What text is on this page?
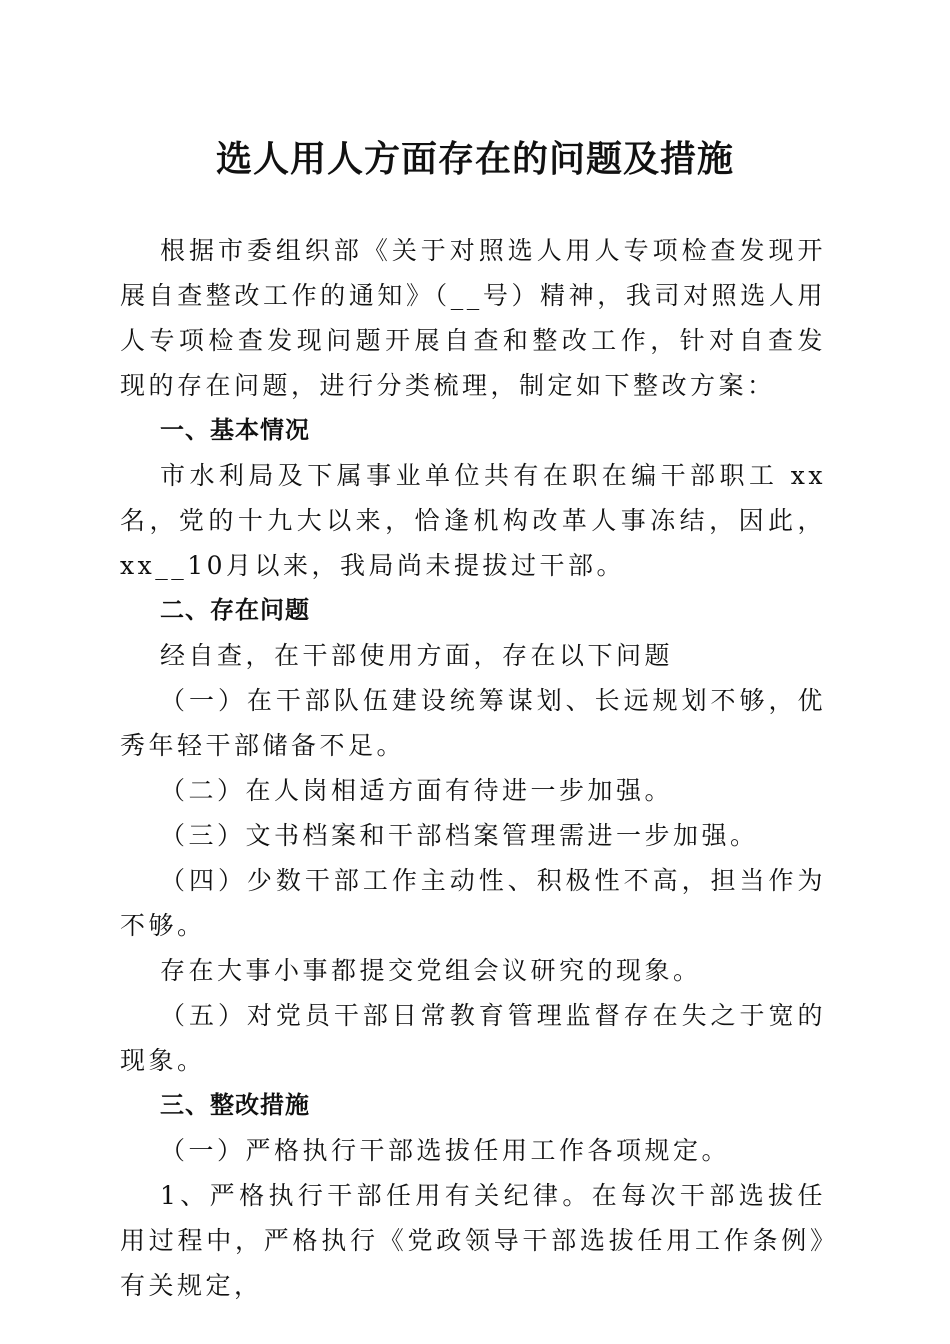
选人用人方面存在的问题及措施

根据市委组织部《关于对照选人用人专项检查发现开展自查整改工作的通知》（__号）精神，我司对照选人用人专项检查发现问题开展自查和整改工作，针对自查发现的存在问题，进行分类梳理，制定如下整改方案：

一、基本情况

市水利局及下属事业单位共有在职在编干部职工 xx 名，党的十九大以来，恰逢机构改革人事冻结，因此，xx__10月以来，我局尚未提拔过干部。

二、存在问题

经自查，在干部使用方面，存在以下问题

（一）在干部队伍建设统筹谋划、长远规划不够，优秀年轻干部储备不足。

（二）在人岗相适方面有待进一步加强。

（三）文书档案和干部档案管理需进一步加强。

（四）少数干部工作主动性、积极性不高，担当作为不够。

存在大事小事都提交党组会议研究的现象。

（五）对党员干部日常教育管理监督存在失之于宽的现象。

三、整改措施

（一）严格执行干部选拔任用工作各项规定。

1、严格执行干部任用有关纪律。在每次干部选拔任用过程中，严格执行《党政领导干部选拔任用工作条例》有关规定，
